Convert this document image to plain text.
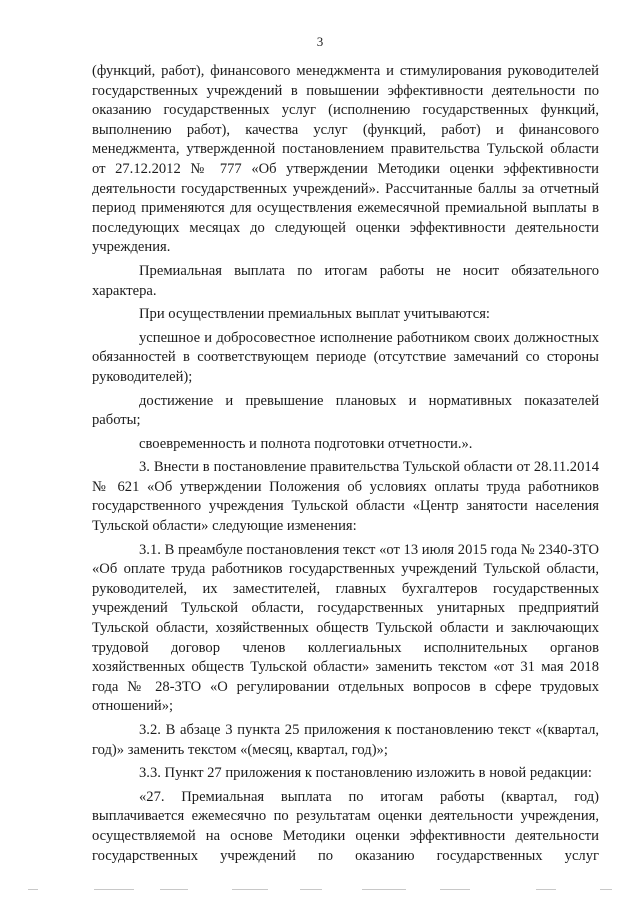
3

(функций, работ), финансового менеджмента и стимулирования руководителей государственных учреждений в повышении эффективности деятельности по оказанию государственных услуг (исполнению государственных функций, выполнению работ), качества услуг (функций, работ) и финансового менеджмента, утвержденной постановлением правительства Тульской области от 27.12.2012 № 777 «Об утверждении Методики оценки эффективности деятельности государственных учреждений». Рассчитанные баллы за отчетный период применяются для осуществления ежемесячной премиальной выплаты в последующих месяцах до следующей оценки эффективности деятельности учреждения.

Премиальная выплата по итогам работы не носит обязательного характера.

При осуществлении премиальных выплат учитываются:

успешное и добросовестное исполнение работником своих должностных обязанностей в соответствующем периоде (отсутствие замечаний со стороны руководителей);

достижение и превышение плановых и нормативных показателей работы;

своевременность и полнота подготовки отчетности.».

3. Внести в постановление правительства Тульской области от 28.11.2014 № 621 «Об утверждении Положения об условиях оплаты труда работников государственного учреждения Тульской области «Центр занятости населения Тульской области» следующие изменения:

3.1. В преамбуле постановления текст «от 13 июля 2015 года № 2340-ЗТО «Об оплате труда работников государственных учреждений Тульской области, руководителей, их заместителей, главных бухгалтеров государственных учреждений Тульской области, государственных унитарных предприятий Тульской области, хозяйственных обществ Тульской области и заключающих трудовой договор членов коллегиальных исполнительных органов хозяйственных обществ Тульской области» заменить текстом «от 31 мая 2018 года № 28-ЗТО «О регулировании отдельных вопросов в сфере трудовых отношений»;

3.2. В абзаце 3 пункта 25 приложения к постановлению текст «(квартал, год)» заменить текстом «(месяц, квартал, год)»;

3.3. Пункт 27 приложения к постановлению изложить в новой редакции:

«27. Премиальная выплата по итогам работы (квартал, год) выплачивается ежемесячно по результатам оценки деятельности учреждения, осуществляемой на основе Методики оценки эффективности деятельности государственных учреждений по оказанию государственных услуг
